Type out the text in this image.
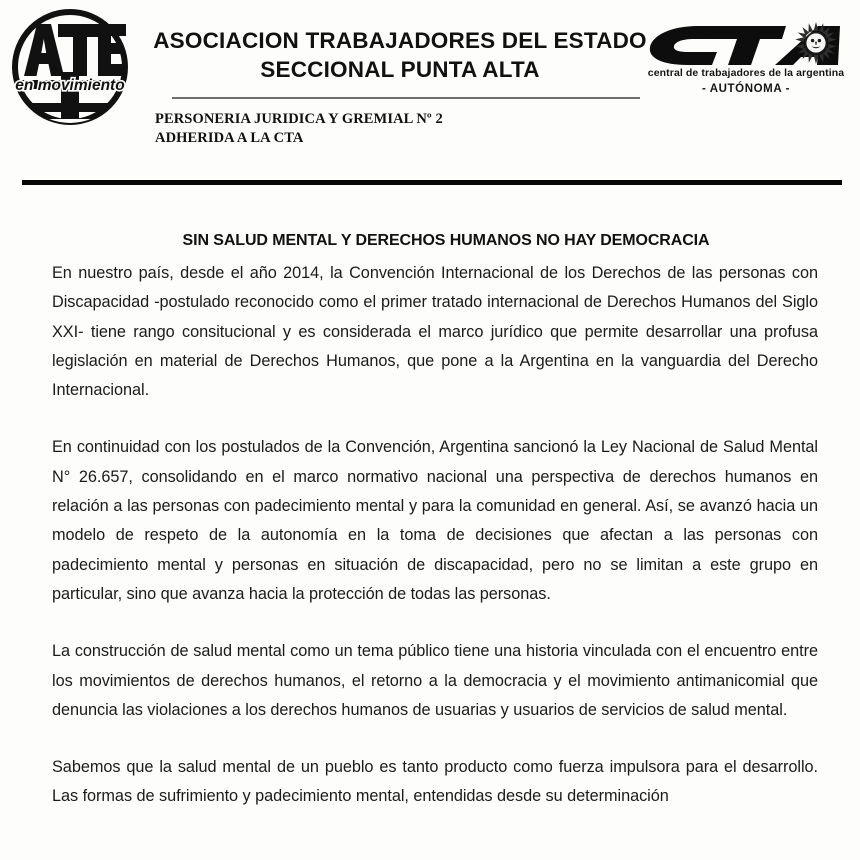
en movimiento
ASOCIACION TRABAJADORES DEL ESTADO
SECCIONAL PUNTA ALTA
PERSONERIA JURIDICA Y GREMIAL Nº 2
ADHERIDA A LA CTA
central de trabajadores de la argentina
- AUTÓNOMA -
SIN SALUD MENTAL Y DERECHOS HUMANOS NO HAY DEMOCRACIA

En nuestro país, desde el año 2014, la Convención Internacional de los Derechos de las personas con Discapacidad -postulado reconocido como el primer tratado internacional de Derechos Humanos del Siglo XXI- tiene rango consitucional y es considerada el marco jurídico que permite desarrollar una profusa legislación en material de Derechos Humanos, que pone a la Argentina en la vanguardia del Derecho Internacional.

En continuidad con los postulados de la Convención, Argentina sancionó la Ley Nacional de Salud Mental N° 26.657, consolidando en el marco normativo nacional una perspectiva de derechos humanos en relación a las personas con padecimiento mental y para la comunidad en general. Así, se avanzó hacia un modelo de respeto de la autonomía en la toma de decisiones que afectan a las personas con padecimiento mental y personas en situación de discapacidad, pero no se limitan a este grupo en particular, sino que avanza hacia la protección de todas las personas.

La construcción de salud mental como un tema público tiene una historia vinculada con el encuentro entre los movimientos de derechos humanos, el retorno a la democracia y el movimiento antimanicomial que denuncia las violaciones a los derechos humanos de usuarias y usuarios de servicios de salud mental.

Sabemos que la salud mental de un pueblo es tanto producto como fuerza impulsora para el desarrollo. Las formas de sufrimiento y padecimiento mental, entendidas desde su determinación
